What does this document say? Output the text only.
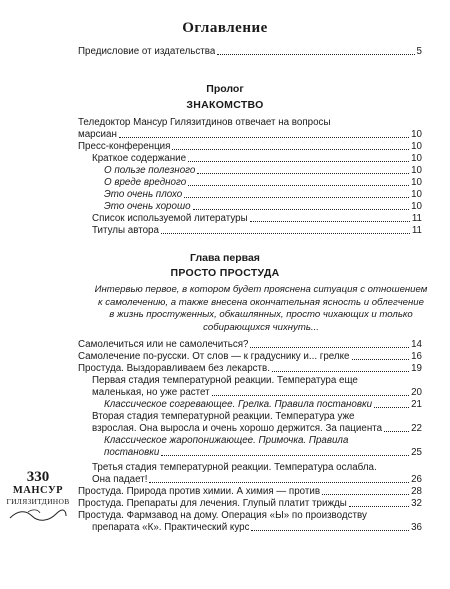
Оглавление
Предисловие от издательства	5
Пролог
ЗНАКОМСТВО
Теледоктор Мансур Гилязитдинов отвечает на вопросы
марсиан	10
Пресс-конференция	10
Краткое содержание	10
О пользе полезного	10
О вреде вредного	10
Это очень плохо	10
Это очень хорошо	10
Список используемой литературы	11
Титулы автора	11
Глава первая
ПРОСТО ПРОСТУДА
Интервью первое, в котором будет прояснена ситуация с отношением
к самолечению, а также внесена окончательная ясность и облегчение
в жизнь простуженных, обкашлянных, просто чихающих и только
собирающихся чихнуть...
Самолечиться или не самолечиться?	14
Самолечение по-русски. От слов — к градуснику и... грелке	16
Простуда. Выздоравливаем без лекарств.	19
Первая стадия температурной реакции. Температура еще
маленькая, но уже растет	20
Классическое согревающее. Грелка. Правила постановки	21
Вторая стадия температурной реакции. Температура уже
взрослая. Она выросла и очень хорошо держится. За пациента	22
Классическое жаропонижающее. Примочка. Правила
постановки	25
Третья стадия температурной реакции. Температура ослабла.
Она падает!	26
Простуда. Природа против химии. А химия — против	28
Простуда. Препараты для лечения. Глупый платит трижды	32
Простуда. Фармзавод на дому. Операция «Ы» по производству
препарата «К». Практический курс	36
330
МАНСУР
ГИЛЯЗИТДИНОВ
